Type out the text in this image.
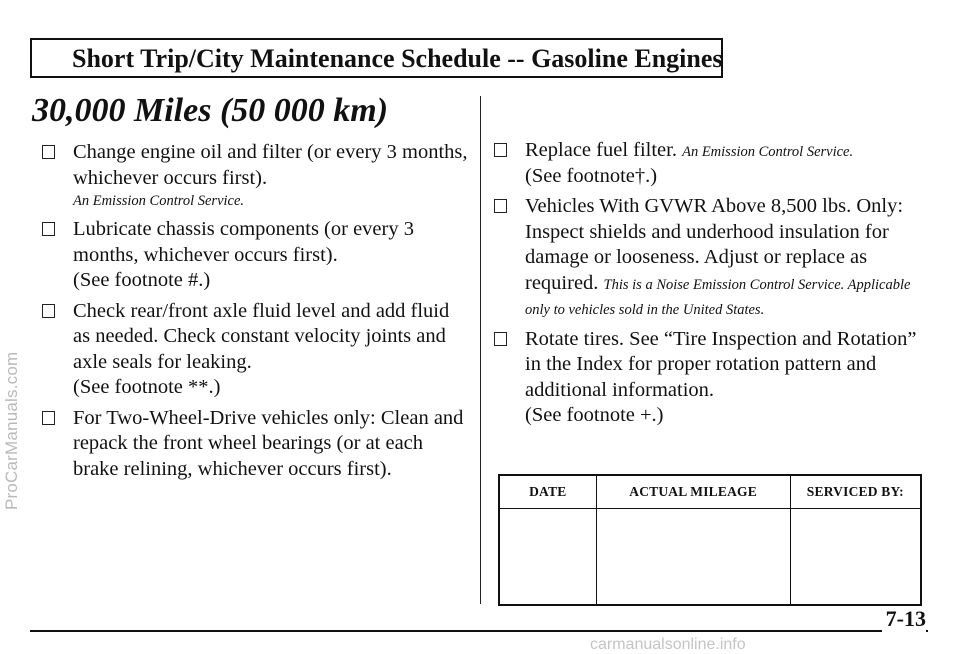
ProCarManuals.com
Short Trip/City Maintenance Schedule -- Gasoline Engines
30,000 Miles (50 000 km)
Change engine oil and filter (or every 3 months, whichever occurs first).
An Emission Control Service.
Lubricate chassis components (or every 3 months, whichever occurs first).
(See footnote #.)
Check rear/front axle fluid level and add fluid as needed. Check constant velocity joints and axle seals for leaking.
(See footnote **.)
For Two-Wheel-Drive vehicles only: Clean and repack the front wheel bearings (or at each brake relining, whichever occurs first).
Replace fuel filter. An Emission Control Service.
(See footnote†.)
Vehicles With GVWR Above 8,500 lbs. Only: Inspect shields and underhood insulation for damage or looseness. Adjust or replace as required. This is a Noise Emission Control Service. Applicable only to vehicles sold in the United States.
Rotate tires. See “Tire Inspection and Rotation” in the Index for proper rotation pattern and additional information.
(See footnote +.)
DATE	ACTUAL MILEAGE	SERVICED BY:

7-13
carmanualsonline.info
